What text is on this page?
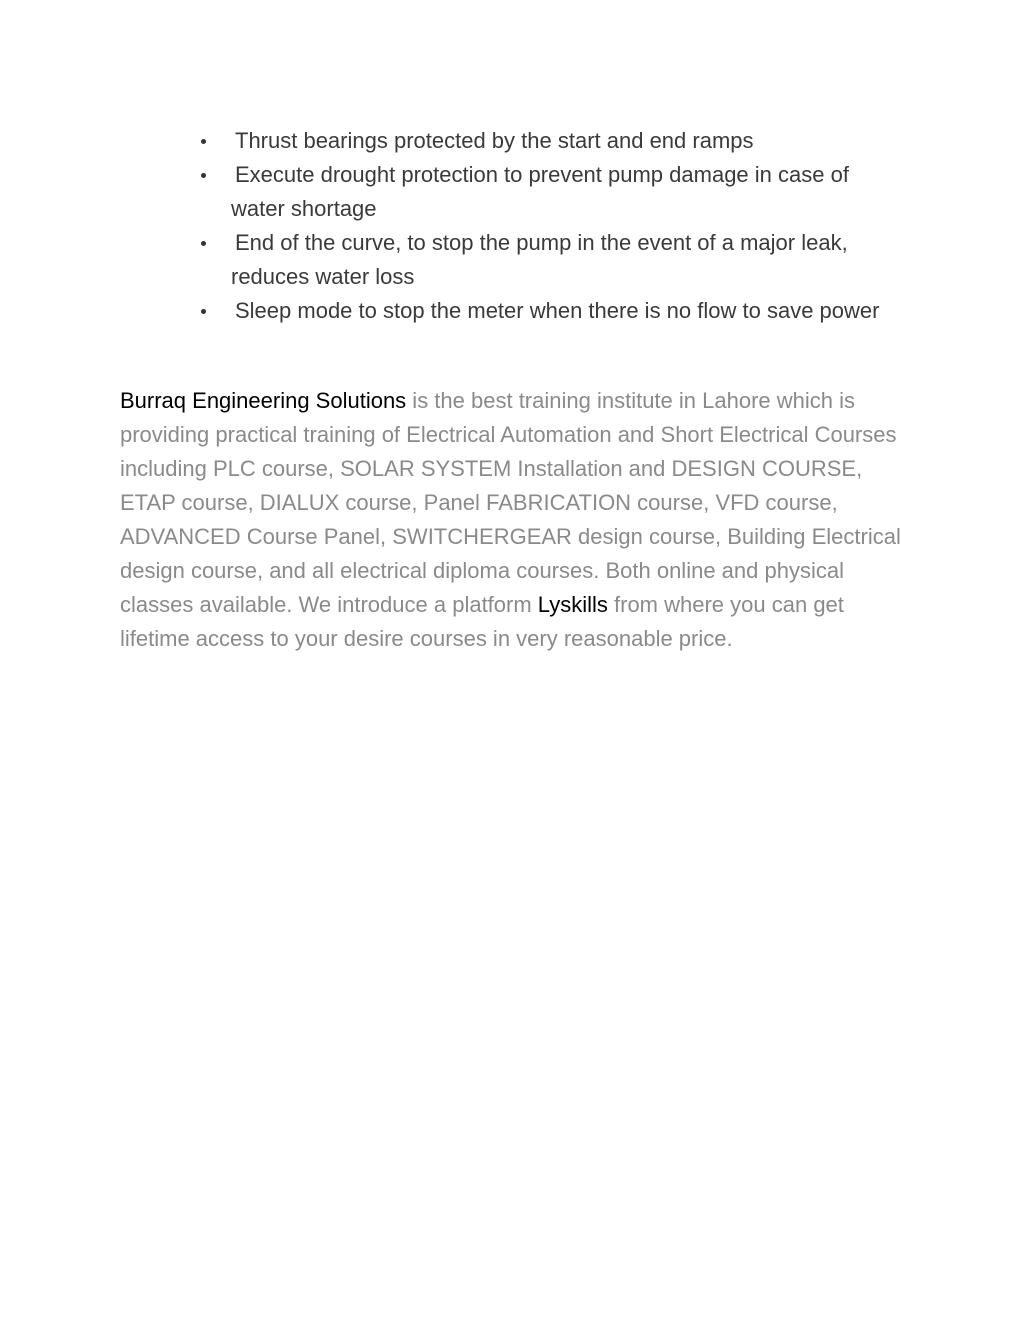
Thrust bearings protected by the start and end ramps
Execute drought protection to prevent pump damage in case of water shortage
End of the curve, to stop the pump in the event of a major leak, reduces water loss
Sleep mode to stop the meter when there is no flow to save power

Burraq Engineering Solutions is the best training institute in Lahore which is providing practical training of Electrical Automation and Short Electrical Courses including PLC course, SOLAR SYSTEM Installation and DESIGN COURSE, ETAP course, DIALUX course, Panel FABRICATION course, VFD course, ADVANCED Course Panel, SWITCHERGEAR design course, Building Electrical design course, and all electrical diploma courses. Both online and physical classes available. We introduce a platform Lyskills from where you can get lifetime access to your desire courses in very reasonable price.
